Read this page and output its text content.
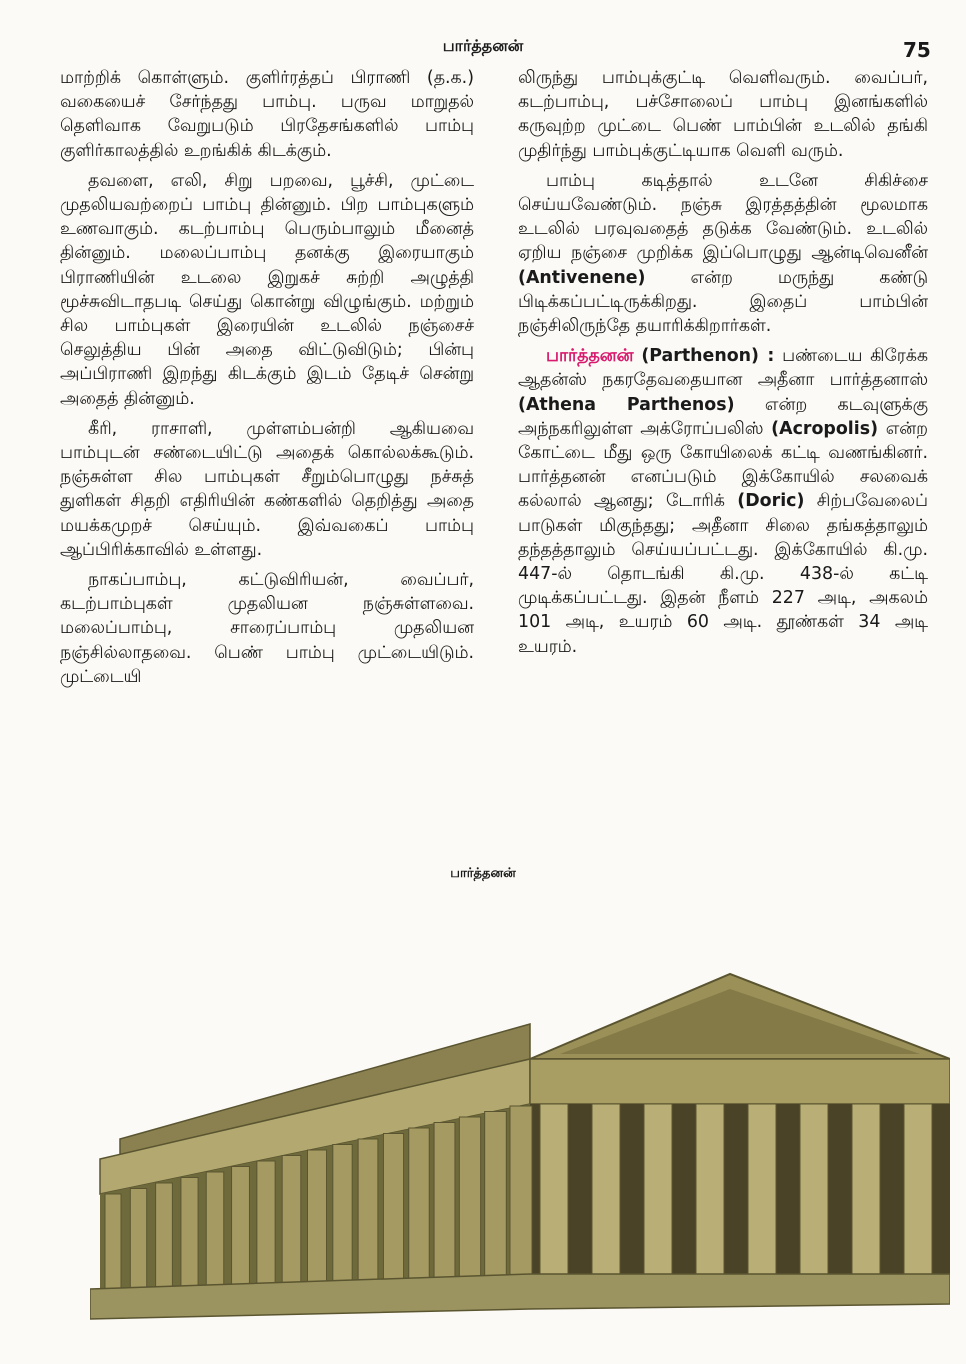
பார்த்தனன்	75

மாற்றிக் கொள்ளும். குளிர்ரத்தப் பிராணி (த.க.) வகையைச் சேர்ந்தது பாம்பு. பருவ மாறுதல் தெளிவாக வேறுபடும் பிரதேசங்களில் பாம்பு குளிர்காலத்தில் உறங்கிக் கிடக்கும்.

தவளை, எலி, சிறு பறவை, பூச்சி, முட்டை முதலியவற்றைப் பாம்பு தின்னும். பிற பாம்புகளும் உணவாகும். கடற்பாம்பு பெரும்பாலும் மீனைத் தின்னும். மலைப்பாம்பு தனக்கு இரையாகும் பிராணியின் உடலை இறுகச் சுற்றி அழுத்தி மூச்சுவிடாதபடி செய்து கொன்று விழுங்கும். மற்றும் சில பாம்புகள் இரையின் உடலில் நஞ்சைச் செலுத்திய பின் அதை விட்டுவிடும்; பின்பு அப்பிராணி இறந்து கிடக்கும் இடம் தேடிச் சென்று அதைத் தின்னும்.

கீரி, ராசாளி, முள்ளம்பன்றி ஆகியவை பாம்புடன் சண்டையிட்டு அதைக் கொல்லக்கூடும். நஞ்சுள்ள சில பாம்புகள் சீறும்பொழுது நச்சுத் துளிகள் சிதறி எதிரியின் கண்களில் தெறித்து அதை மயக்கமுறச் செய்யும். இவ்வகைப் பாம்பு ஆப்பிரிக்காவில் உள்ளது.

நாகப்பாம்பு, கட்டுவிரியன், வைப்பர், கடற்பாம்புகள் முதலியன நஞ்சுள்ளவை. மலைப்பாம்பு, சாரைப்பாம்பு முதலியன நஞ்சில்லாதவை. பெண் பாம்பு முட்டையிடும். முட்டையி

லிருந்து பாம்புக்குட்டி வெளிவரும். வைப்பர், கடற்பாம்பு, பச்சோலைப் பாம்பு இனங்களில் கருவுற்ற முட்டை பெண் பாம்பின் உடலில் தங்கி முதிர்ந்து பாம்புக்குட்டியாக வெளி வரும்.

பாம்பு கடித்தால் உடனே சிகிச்சை செய்யவேண்டும். நஞ்சு இரத்தத்தின் மூலமாக உடலில் பரவுவதைத் தடுக்க வேண்டும். உடலில் ஏறிய நஞ்சை முறிக்க இப்பொழுது ஆன்டிவெனீன் (Antivenene)	என்ற மருந்து கண்டு பிடிக்கப்பட்டிருக்கிறது. இதைப் பாம்பின் நஞ்சிலிருந்தே தயாரிக்கிறார்கள்.

பார்த்தனன் (Parthenon) : பண்டைய கிரேக்க ஆதன்ஸ் நகரதேவதையான அதீனா பார்த்தனாஸ் (Athena Parthenos) என்ற கடவுளுக்கு அந்நகரிலுள்ள அக்ரோப்பலிஸ் (Acropolis) என்ற கோட்டை மீது ஒரு கோயிலைக் கட்டி வணங்கினர். பார்த்தனன் எனப்படும் இக்கோயில் சலவைக் கல்லால் ஆனது; டோரிக் (Doric) சிற்பவேலைப் பாடுகள் மிகுந்தது; அதீனா சிலை தங்கத்தாலும் தந்தத்தாலும் செய்யப்பட்டது. இக்கோயில் கி.மு. 447-ல் தொடங்கி கி.மு. 438-ல் கட்டி முடிக்கப்பட்டது. இதன் நீளம் 227 அடி, அகலம் 101 அடி, உயரம் 60 அடி. தூண்கள் 34 அடி உயரம்.

பார்த்தனன்
